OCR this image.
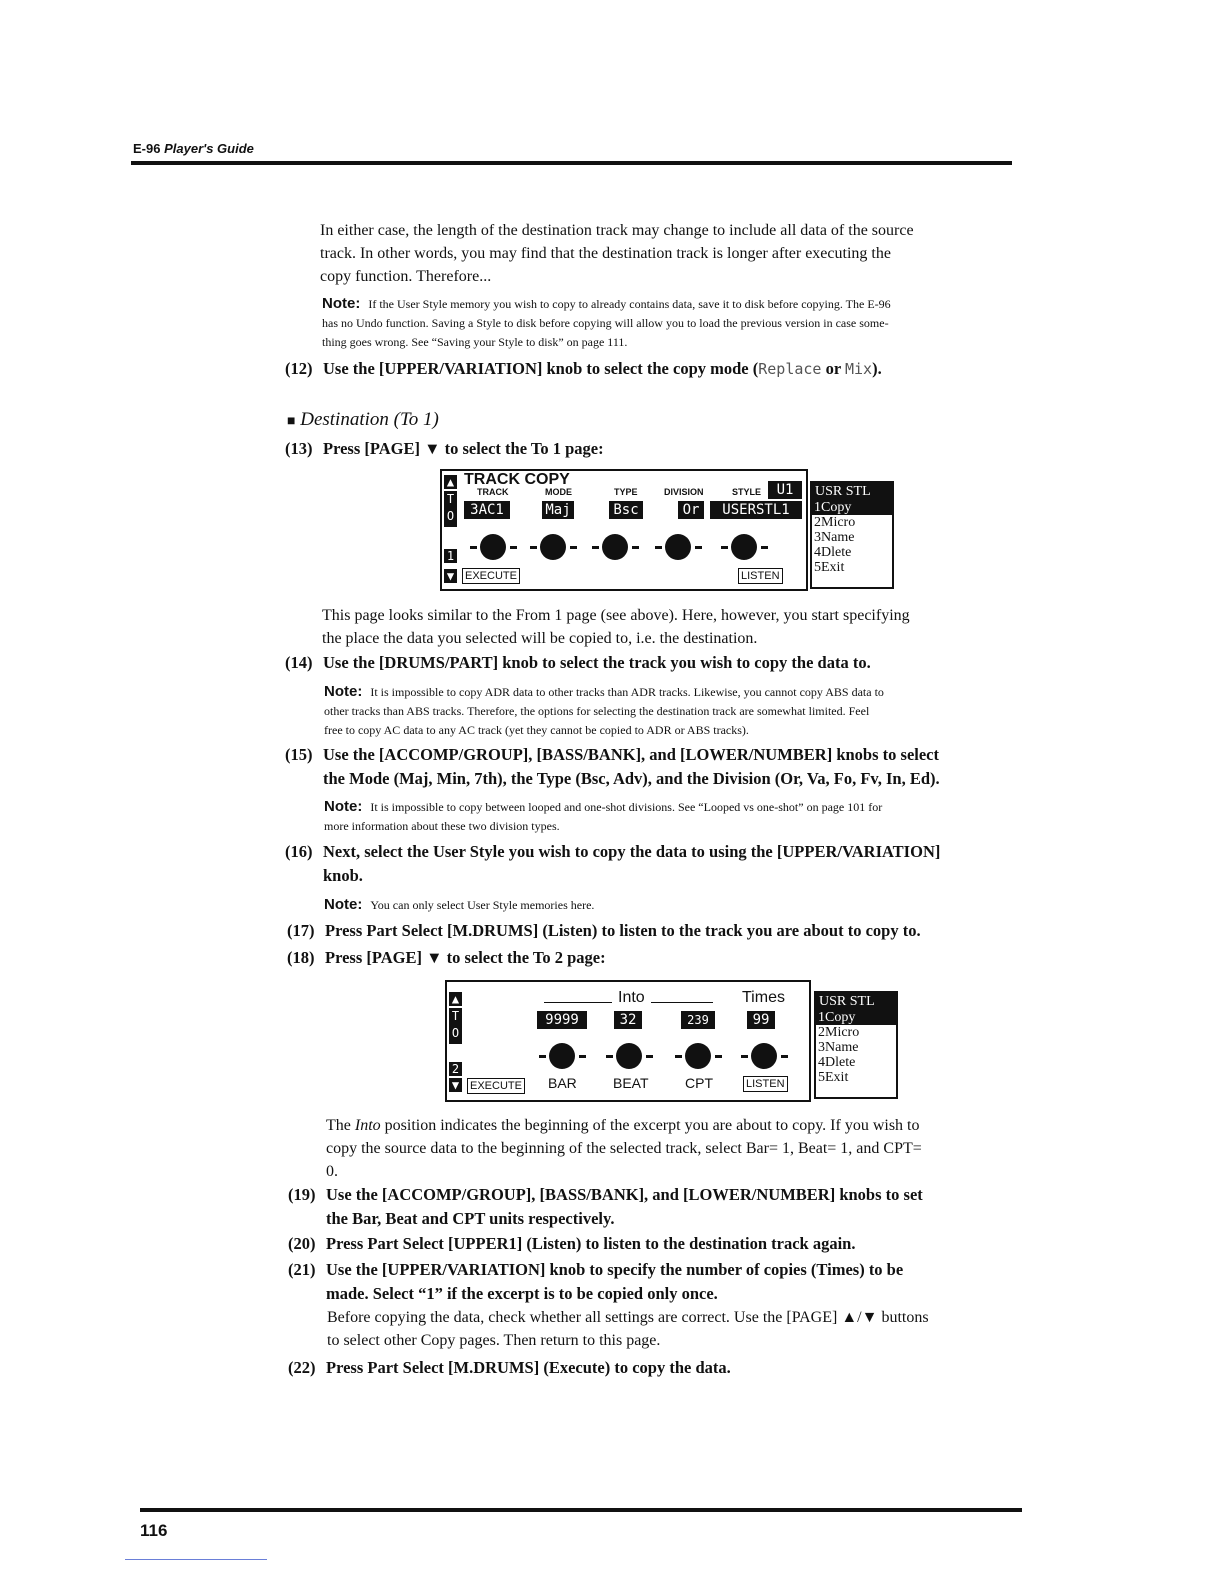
E-96 Player's Guide
In either case, the length of the destination track may change to include all data of the source
track. In other words, you may find that the destination track is longer after executing the
copy function. Therefore...
Note: If the User Style memory you wish to copy to already contains data, save it to disk before copying. The E-96
has no Undo function. Saving a Style to disk before copying will allow you to load the previous version in case some-
thing goes wrong. See “Saving your Style to disk” on page 111.
(12) Use the [UPPER/VARIATION] knob to select the copy mode (Replace or Mix).
■ Destination (To 1)
(13) Press [PAGE] ▼ to select the To 1 page:
▲
T
O
1
▼
TRACK COPY
TRACK	MODE	TYPE	DIVISION	STYLE	U1
3AC1	Maj	Bsc	Or	USERSTL1
EXECUTE	LISTEN
USR STL
1Copy
2Micro
3Name
4Dlete
5Exit
This page looks similar to the From 1 page (see above). Here, however, you start specifying
the place the data you selected will be copied to, i.e. the destination.
(14) Use the [DRUMS/PART] knob to select the track you wish to copy the data to.
Note: It is impossible to copy ADR data to other tracks than ADR tracks. Likewise, you cannot copy ABS data to
other tracks than ABS tracks. Therefore, the options for selecting the destination track are somewhat limited. Feel
free to copy AC data to any AC track (yet they cannot be copied to ADR or ABS tracks).
(15) Use the [ACCOMP/GROUP], [BASS/BANK], and [LOWER/NUMBER] knobs to select
the Mode (Maj, Min, 7th), the Type (Bsc, Adv), and the Division (Or, Va, Fo, Fv, In, Ed).
Note: It is impossible to copy between looped and one-shot divisions. See “Looped vs one-shot” on page 101 for
more information about these two division types.
(16) Next, select the User Style you wish to copy the data to using the [UPPER/VARIATION]
knob.
Note: You can only select User Style memories here.
(17) Press Part Select [M.DRUMS] (Listen) to listen to the track you are about to copy to.
(18) Press [PAGE] ▼ to select the To 2 page:
▲
T
O
2
▼
Into	Times
9999	32	239	99
EXECUTE BAR	BEAT	CPT	LISTEN
USR STL
1Copy
2Micro
3Name
4Dlete
5Exit
The Into position indicates the beginning of the excerpt you are about to copy. If you wish to
copy the source data to the beginning of the selected track, select Bar= 1, Beat= 1, and CPT=
0.
(19) Use the [ACCOMP/GROUP], [BASS/BANK], and [LOWER/NUMBER] knobs to set
the Bar, Beat and CPT units respectively.
(20) Press Part Select [UPPER1] (Listen) to listen to the destination track again.
(21) Use the [UPPER/VARIATION] knob to specify the number of copies (Times) to be
made. Select “1” if the excerpt is to be copied only once.
Before copying the data, check whether all settings are correct. Use the [PAGE] ▲/▼ buttons
to select other Copy pages. Then return to this page.
(22) Press Part Select [M.DRUMS] (Execute) to copy the data.
116
